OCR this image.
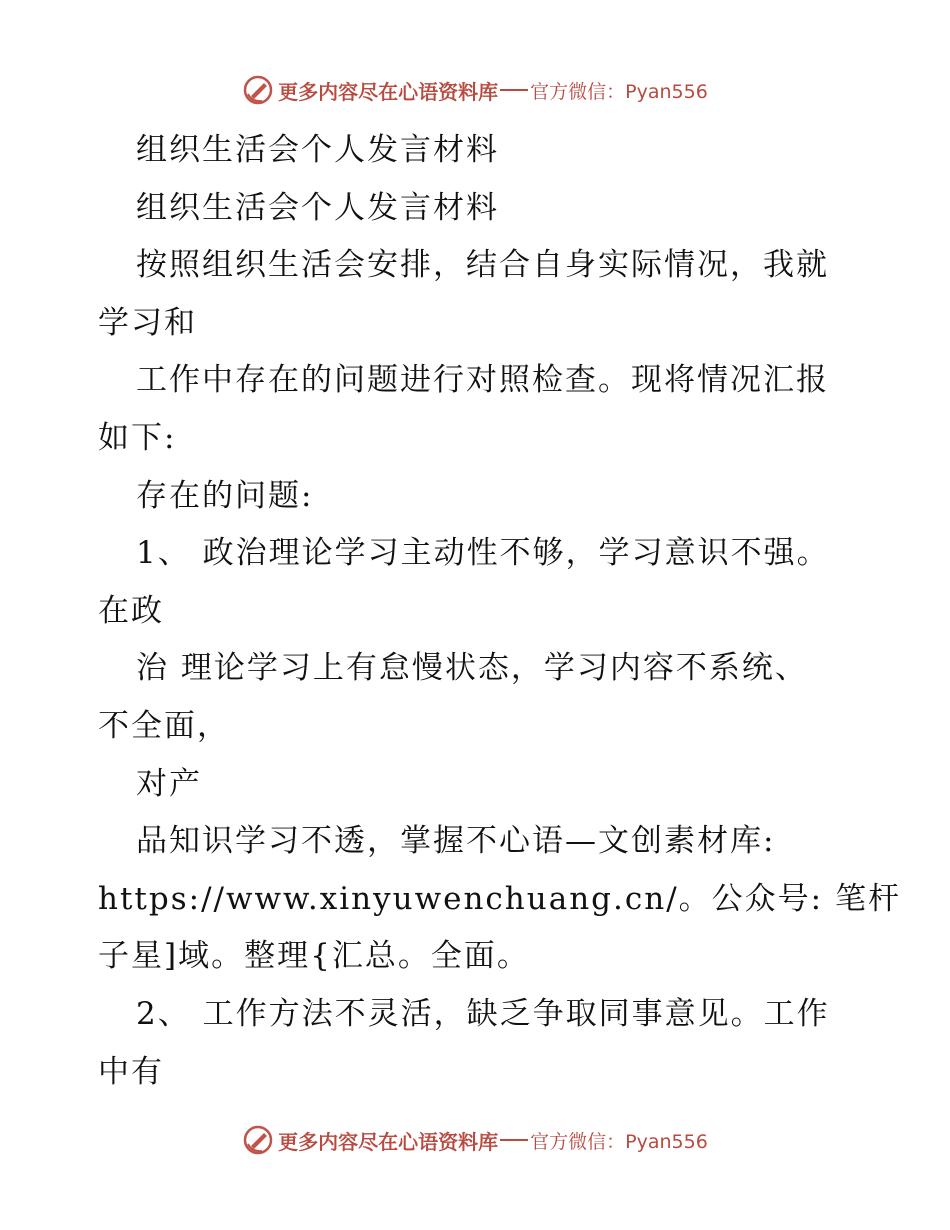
更多内容尽在心语资料库 官方微信：Pyan556
组织生活会个人发言材料
组织生活会个人发言材料
按照组织生活会安排，结合自身实际情况，我就
学习和
工作中存在的问题进行对照检查。现将情况汇报
如下:
存在的问题:
1、 政治理论学习主动性不够，学习意识不强。
在政
治 理论学习上有怠慢状态，学习内容不系统、
不全面，
对产
品知识学习不透，掌握不心语—文创素材库:
https://www.xinyuwenchuang.cn/。公众号: 笔杆
子星]域。整理{汇总。全面。
2、 工作方法不灵活，缺乏争取同事意见。工作
中有
更多内容尽在心语资料库 官方微信：Pyan556
